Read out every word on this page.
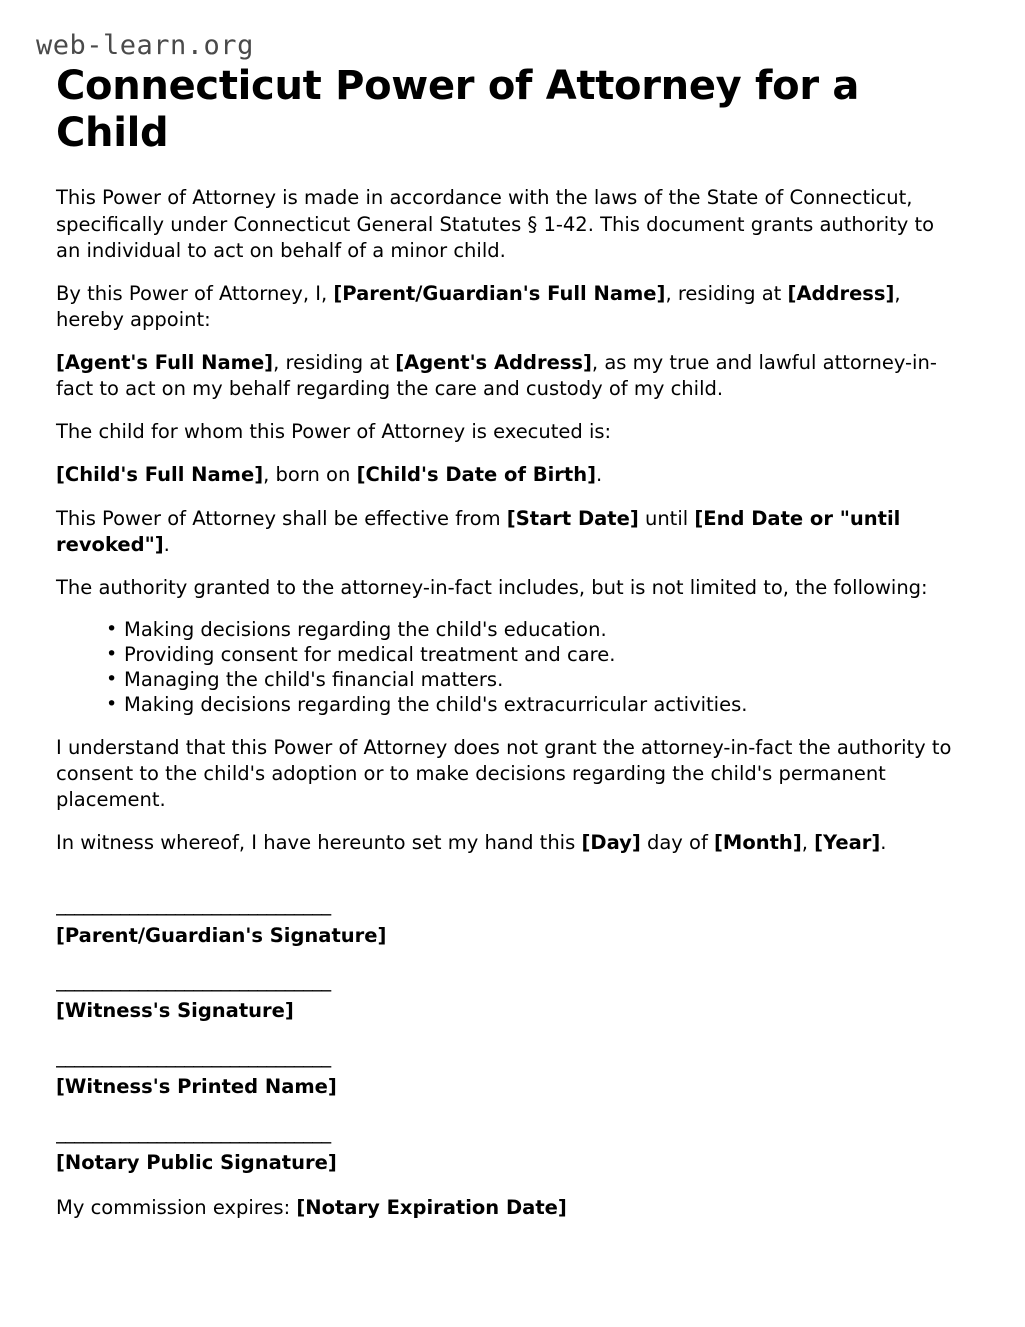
web-learn.org
Connecticut Power of Attorney for a Child

This Power of Attorney is made in accordance with the laws of the State of Connecticut, specifically under Connecticut General Statutes § 1-42. This document grants authority to an individual to act on behalf of a minor child.

By this Power of Attorney, I, [Parent/Guardian's Full Name], residing at [Address], hereby appoint:

[Agent's Full Name], residing at [Agent's Address], as my true and lawful attorney-in-fact to act on my behalf regarding the care and custody of my child.

The child for whom this Power of Attorney is executed is:

[Child's Full Name], born on [Child's Date of Birth].

This Power of Attorney shall be effective from [Start Date] until [End Date or "until revoked"].

The authority granted to the attorney-in-fact includes, but is not limited to, the following:

• Making decisions regarding the child's education.
• Providing consent for medical treatment and care.
• Managing the child's financial matters.
• Making decisions regarding the child's extracurricular activities.

I understand that this Power of Attorney does not grant the attorney-in-fact the authority to consent to the child's adoption or to make decisions regarding the child's permanent placement.

In witness whereof, I have hereunto set my hand this [Day] day of [Month], [Year].

______________________________
[Parent/Guardian's Signature]
______________________________
[Witness's Signature]
______________________________
[Witness's Printed Name]
______________________________
[Notary Public Signature]

My commission expires: [Notary Expiration Date]
